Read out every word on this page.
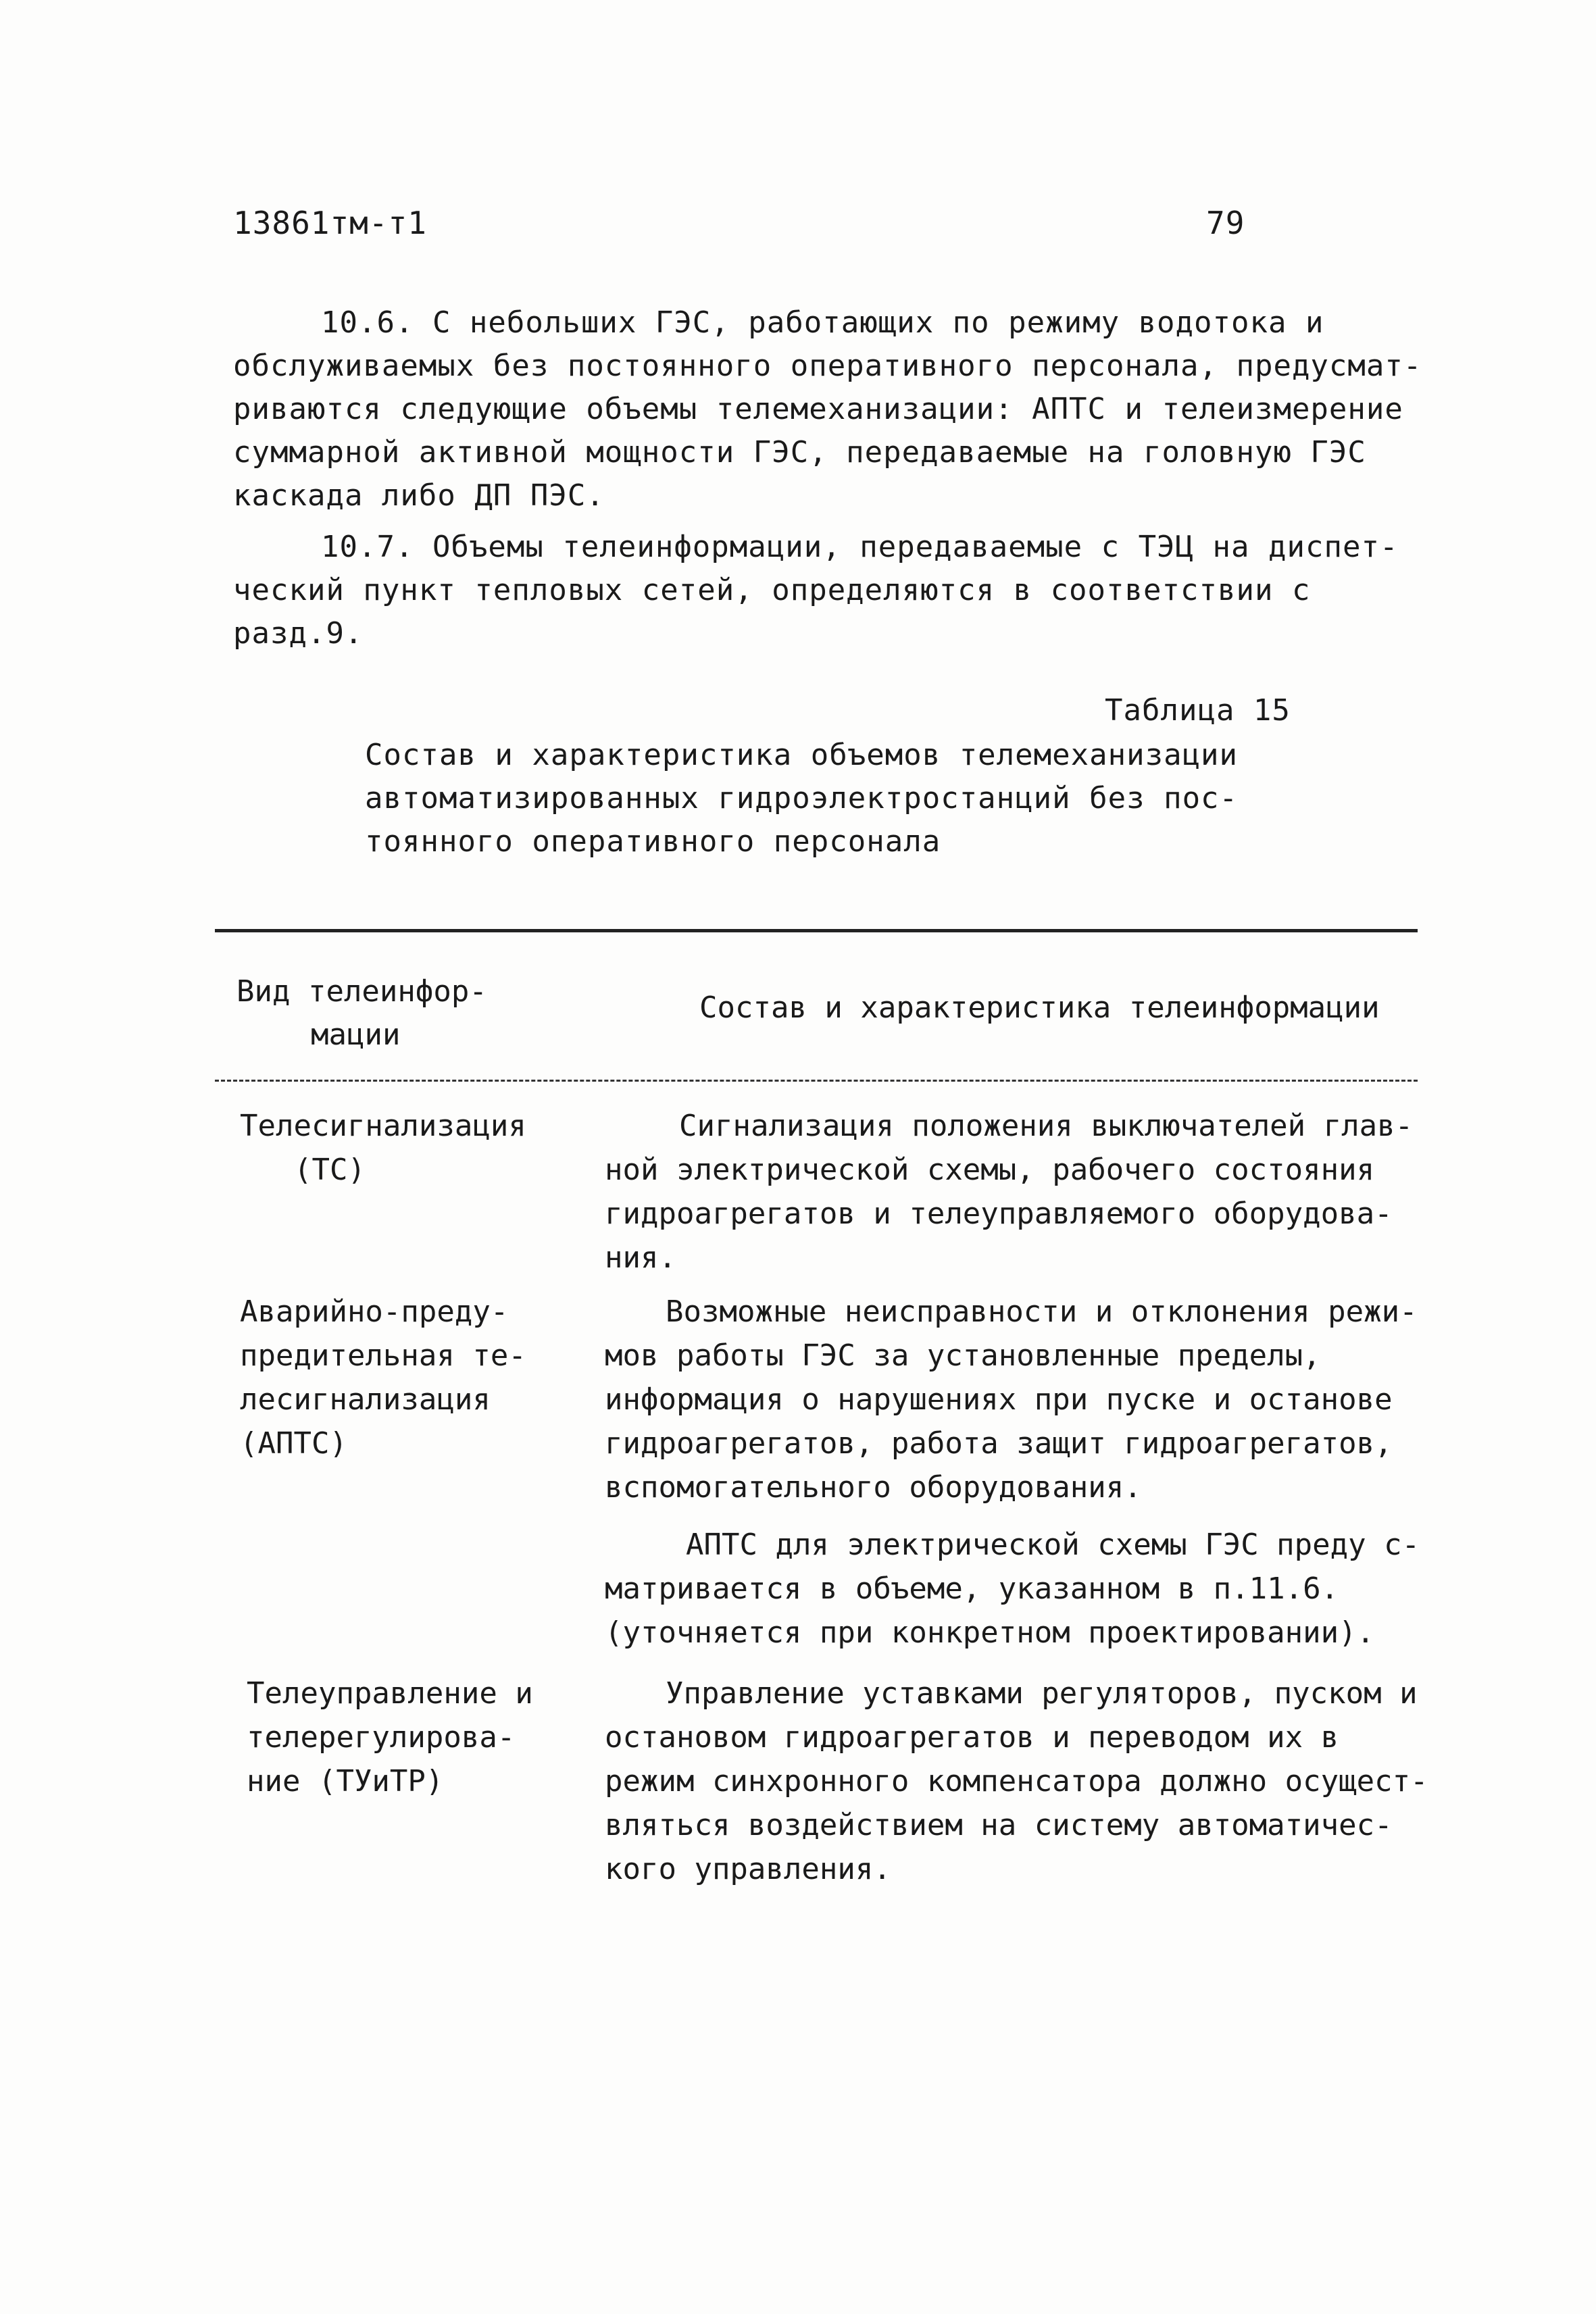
13861тм-т1	79
10.6. С небольших ГЭС, работающих по режиму водотока и
обслуживаемых без постоянного оперативного персонала, предусмат-
риваются следующие объемы телемеханизации: АПТС и телеизмерение
суммарной активной мощности ГЭС, передаваемые на головную ГЭС
каскада либо ДП ПЭС.
10.7. Объемы телеинформации, передаваемые с ТЭЦ на диспет-
ческий пункт тепловых сетей, определяются в соответствии с
разд.9.
Таблица 15
Состав и характеристика объемов телемеханизации
автоматизированных гидроэлектростанций без пос-
тоянного оперативного персонала
Вид телеинфор-
мации
Состав и характеристика телеинформации
Телесигнализация
(ТС)
Сигнализация положения выключателей глав-
ной электрической схемы, рабочего состояния
гидроагрегатов и телеуправляемого оборудова-
ния.
Аварийно-преду-
предительная те-
лесигнализация
(АПТС)
Возможные неисправности и отклонения режи-
мов работы ГЭС за установленные пределы,
информация о нарушениях при пуске и останове
гидроагрегатов, работа защит гидроагрегатов,
вспомогательного оборудования.
АПТС для электрической схемы ГЭС преду с-
матривается в объеме, указанном в п.11.6.
(уточняется при конкретном проектировании).
Телеуправление и
телерегулирова-
ние (ТУиТР)
Управление уставками регуляторов, пуском и
остановом гидроагрегатов и переводом их в
режим синхронного компенсатора должно осущест-
вляться воздействием на систему автоматичес-
кого управления.
